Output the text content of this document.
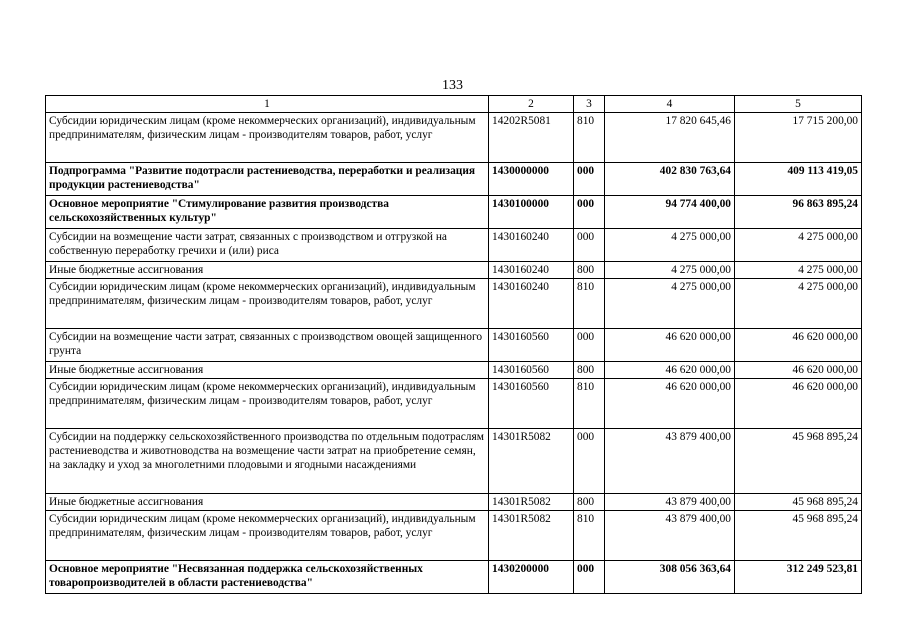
133
1	2	3	4	5
Субсидии юридическим лицам (кроме некоммерческих организаций), индивидуальным предпринимателям, физическим лицам - производителям товаров, работ, услуг	14202R5081	810	17 820 645,46	17 715 200,00
Подпрограмма "Развитие подотрасли растениеводства, переработки и реализация продукции растениеводства"	1430000000	000	402 830 763,64	409 113 419,05
Основное мероприятие "Стимулирование развития производства сельскохозяйственных культур"	1430100000	000	94 774 400,00	96 863 895,24
Субсидии на возмещение части затрат, связанных с производством и отгрузкой на собственную переработку гречихи и (или) риса	1430160240	000	4 275 000,00	4 275 000,00
Иные бюджетные ассигнования	1430160240	800	4 275 000,00	4 275 000,00
Субсидии юридическим лицам (кроме некоммерческих организаций), индивидуальным предпринимателям, физическим лицам - производителям товаров, работ, услуг	1430160240	810	4 275 000,00	4 275 000,00
Субсидии на возмещение части затрат, связанных с производством овощей защищенного грунта	1430160560	000	46 620 000,00	46 620 000,00
Иные бюджетные ассигнования	1430160560	800	46 620 000,00	46 620 000,00
Субсидии юридическим лицам (кроме некоммерческих организаций), индивидуальным предпринимателям, физическим лицам - производителям товаров, работ, услуг	1430160560	810	46 620 000,00	46 620 000,00
Субсидии на поддержку сельскохозяйственного производства по отдельным подотраслям растениеводства и животноводства на возмещение части затрат на приобретение семян, на закладку и уход за многолетними плодовыми и ягодными насаждениями	14301R5082	000	43 879 400,00	45 968 895,24
Иные бюджетные ассигнования	14301R5082	800	43 879 400,00	45 968 895,24
Субсидии юридическим лицам (кроме некоммерческих организаций), индивидуальным предпринимателям, физическим лицам - производителям товаров, работ, услуг	14301R5082	810	43 879 400,00	45 968 895,24
Основное мероприятие "Несвязанная поддержка сельскохозяйственных товаропроизводителей в области растениеводства"	1430200000	000	308 056 363,64	312 249 523,81
